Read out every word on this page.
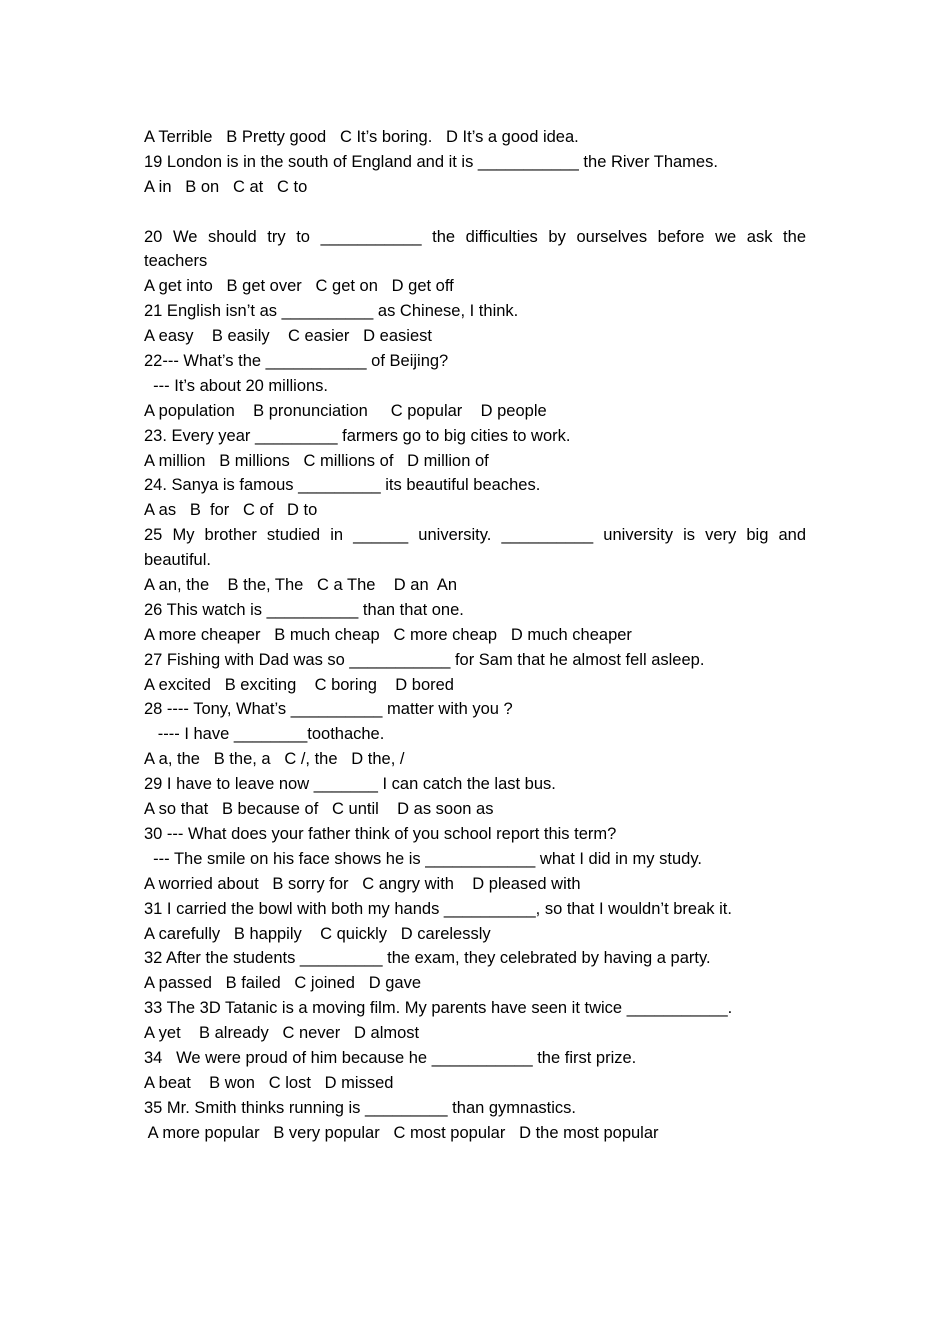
A Terrible   B Pretty good   C It’s boring.   D It’s a good idea.
19 London is in the south of England and it is ___________ the River Thames.
A in   B on   C at   C to
20 We should try to ___________ the difficulties by ourselves before we ask the
teachers
A get into   B get over   C get on   D get off
21 English isn’t as __________ as Chinese, I think.
A easy    B easily    C easier   D easiest
22--- What’s the ___________ of Beijing?
--- It’s about 20 millions.
A population    B pronunciation     C popular    D people
23. Every year _________ farmers go to big cities to work.
A million   B millions   C millions of   D million of
24. Sanya is famous _________ its beautiful beaches.
A as   B  for   C of   D to
25 My brother studied in ______ university. __________ university is very big and
beautiful.
A an, the    B the, The   C a The    D an  An
26 This watch is __________ than that one.
A more cheaper   B much cheap   C more cheap   D much cheaper
27 Fishing with Dad was so ___________ for Sam that he almost fell asleep.
A excited   B exciting    C boring    D bored
28 ---- Tony, What’s __________ matter with you ?
---- I have ________toothache.
A a, the   B the, a   C /, the   D the, /
29 I have to leave now _______ I can catch the last bus.
A so that   B because of   C until    D as soon as
30 --- What does your father think of you school report this term?
--- The smile on his face shows he is ____________ what I did in my study.
A worried about   B sorry for   C angry with    D pleased with
31 I carried the bowl with both my hands __________, so that I wouldn’t break it.
A carefully   B happily    C quickly   D carelessly
32 After the students _________ the exam, they celebrated by having a party.
A passed   B failed   C joined   D gave
33 The 3D Tatanic is a moving film. My parents have seen it twice ___________.
A yet    B already   C never   D almost
34   We were proud of him because he ___________ the first prize.
A beat    B won   C lost   D missed
35 Mr. Smith thinks running is _________ than gymnastics.
A more popular   B very popular   C most popular   D the most popular
